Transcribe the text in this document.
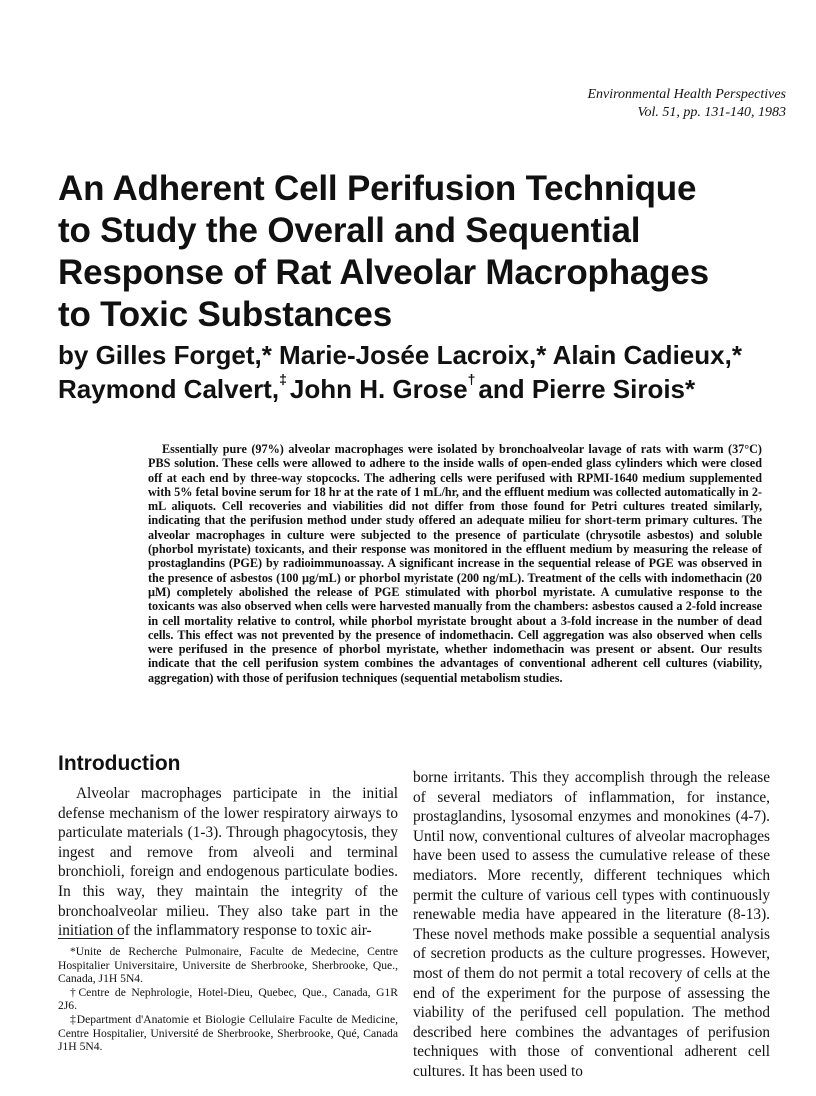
Environmental Health Perspectives
Vol. 51, pp. 131-140, 1983
An Adherent Cell Perifusion Technique
to Study the Overall and Sequential
Response of Rat Alveolar Macrophages
to Toxic Substances
by Gilles Forget,* Marie-Josée Lacroix,* Alain Cadieux,*
Raymond Calvert,‡ John H. Grose† and Pierre Sirois*

Essentially pure (97%) alveolar macrophages were isolated by bronchoalveolar lavage of rats with warm (37°C) PBS solution. These cells were allowed to adhere to the inside walls of open-ended glass cylinders which were closed off at each end by three-way stopcocks. The adhering cells were perifused with RPMI-1640 medium supplemented with 5% fetal bovine serum for 18 hr at the rate of 1 mL/hr, and the effluent medium was collected automatically in 2-mL aliquots. Cell recoveries and viabilities did not differ from those found for Petri cultures treated similarly, indicating that the perifusion method under study offered an adequate milieu for short-term primary cultures. The alveolar macrophages in culture were subjected to the presence of particulate (chrysotile asbestos) and soluble (phorbol myristate) toxicants, and their response was monitored in the effluent medium by measuring the release of prostaglandins (PGE) by radioimmunoassay. A significant increase in the sequential release of PGE was observed in the presence of asbestos (100 µg/mL) or phorbol myristate (200 ng/mL). Treatment of the cells with indomethacin (20 µM) completely abolished the release of PGE stimulated with phorbol myristate. A cumulative response to the toxicants was also observed when cells were harvested manually from the chambers: asbestos caused a 2-fold increase in cell mortality relative to control, while phorbol myristate brought about a 3-fold increase in the number of dead cells. This effect was not prevented by the presence of indomethacin. Cell aggregation was also observed when cells were perifused in the presence of phorbol myristate, whether indomethacin was present or absent. Our results indicate that the cell perifusion system combines the advantages of conventional adherent cell cultures (viability, aggregation) with those of perifusion techniques (sequential metabolism studies.

Introduction

Alveolar macrophages participate in the initial defense mechanism of the lower respiratory airways to particulate materials (1-3). Through phagocytosis, they ingest and remove from alveoli and terminal bronchioli, foreign and endogenous particulate bodies. In this way, they maintain the integrity of the bronchoalveolar milieu. They also take part in the initiation of the inflammatory response to toxic air-

borne irritants. This they accomplish through the release of several mediators of inflammation, for instance, prostaglandins, lysosomal enzymes and monokines (4-7). Until now, conventional cultures of alveolar macrophages have been used to assess the cumulative release of these mediators. More recently, different techniques which permit the culture of various cell types with continuously renewable media have appeared in the literature (8-13). These novel methods make possible a sequential analysis of secretion products as the culture progresses. However, most of them do not permit a total recovery of cells at the end of the experiment for the purpose of assessing the viability of the perifused cell population. The method described here combines the advantages of perifusion techniques with those of conventional adherent cell cultures. It has been used to

*Unite de Recherche Pulmonaire, Faculte de Medecine, Centre Hospitalier Universitaire, Universite de Sherbrooke, Sherbrooke, Que., Canada, J1H 5N4.

†Centre de Nephrologie, Hotel-Dieu, Quebec, Que., Canada, G1R 2J6.

‡Department d'Anatomie et Biologie Cellulaire Faculte de Medicine, Centre Hospitalier, Université de Sherbrooke, Sherbrooke, Qué, Canada J1H 5N4.
